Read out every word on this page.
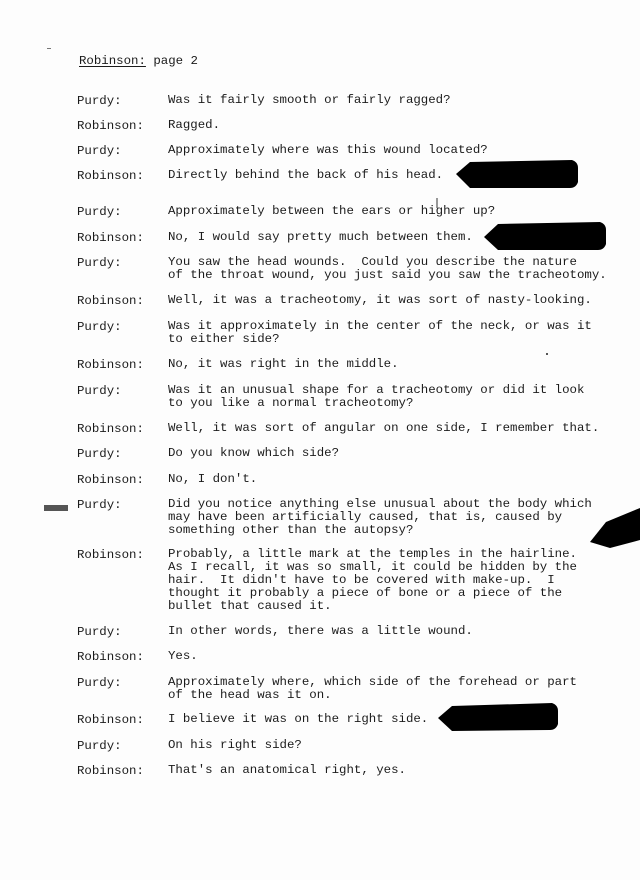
Robinson: page 2
Purdy:	Was it fairly smooth or fairly ragged?
Robinson: Ragged.
Purdy:	Approximately where was this wound located?
Robinson: Directly behind the back of his head.
Purdy:	Approximately between the ears or higher up?
Robinson: No, I would say pretty much between them.
Purdy:	You saw the head wounds.  Could you describe the nature
of the throat wound, you just said you saw the tracheotomy.
Robinson: Well, it was a tracheotomy, it was sort of nasty-looking.
Purdy:	Was it approximately in the center of the neck, or was it
to either side?
Robinson: No, it was right in the middle.
Purdy:	Was it an unusual shape for a tracheotomy or did it look
to you like a normal tracheotomy?
Robinson: Well, it was sort of angular on one side, I remember that.
Purdy:	Do you know which side?
Robinson: No, I don't.
Purdy:	Did you notice anything else unusual about the body which
may have been artificially caused, that is, caused by
something other than the autopsy?
Robinson: Probably, a little mark at the temples in the hairline.
As I recall, it was so small, it could be hidden by the
hair.  It didn't have to be covered with make-up.  I
thought it probably a piece of bone or a piece of the
bullet that caused it.
Purdy:	In other words, there was a little wound.
Robinson: Yes.
Purdy:	Approximately where, which side of the forehead or part
of the head was it on.
Robinson: I believe it was on the right side.
Purdy:	On his right side?
Robinson: That's an anatomical right, yes.
